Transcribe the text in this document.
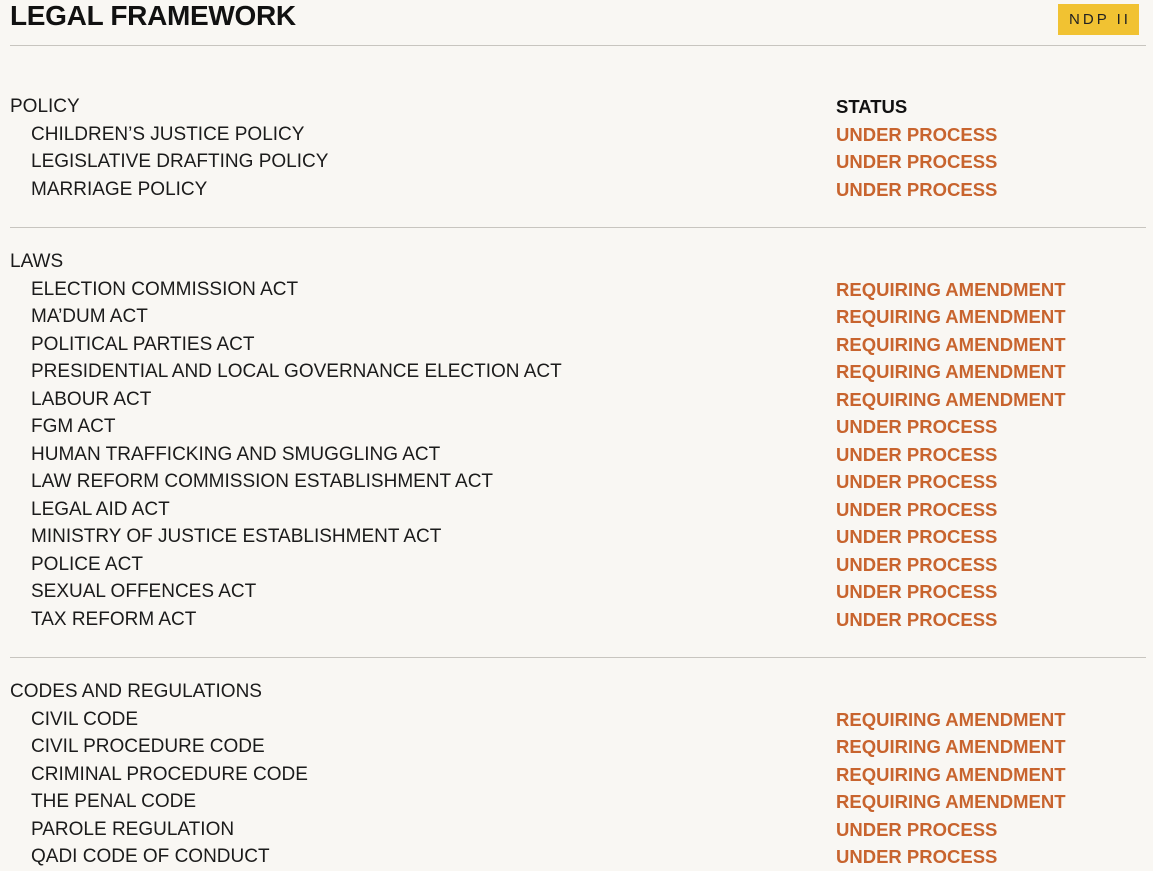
LEGAL FRAMEWORK	NDP II
POLICY	STATUS
CHILDREN’S JUSTICE POLICY	UNDER PROCESS
LEGISLATIVE DRAFTING POLICY	UNDER PROCESS
MARRIAGE POLICY	UNDER PROCESS
LAWS
ELECTION COMMISSION ACT	REQUIRING AMENDMENT
MA’DUM ACT	REQUIRING AMENDMENT
POLITICAL PARTIES ACT	REQUIRING AMENDMENT
PRESIDENTIAL AND LOCAL GOVERNANCE ELECTION ACT	REQUIRING AMENDMENT
LABOUR ACT	REQUIRING AMENDMENT
FGM ACT	UNDER PROCESS
HUMAN TRAFFICKING AND SMUGGLING ACT	UNDER PROCESS
LAW REFORM COMMISSION ESTABLISHMENT ACT	UNDER PROCESS
LEGAL AID ACT	UNDER PROCESS
MINISTRY OF JUSTICE ESTABLISHMENT ACT	UNDER PROCESS
POLICE ACT	UNDER PROCESS
SEXUAL OFFENCES ACT	UNDER PROCESS
TAX REFORM ACT	UNDER PROCESS
CODES AND REGULATIONS
CIVIL CODE	REQUIRING AMENDMENT
CIVIL PROCEDURE CODE	REQUIRING AMENDMENT
CRIMINAL PROCEDURE CODE	REQUIRING AMENDMENT
THE PENAL CODE	REQUIRING AMENDMENT
PAROLE REGULATION	UNDER PROCESS
QADI CODE OF CONDUCT	UNDER PROCESS
